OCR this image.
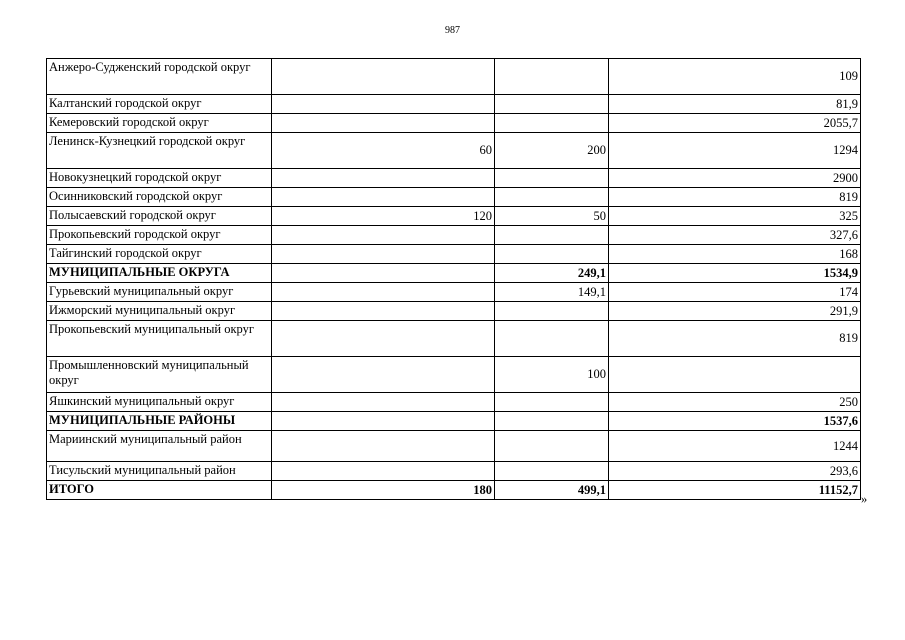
987
Анжеро-Судженский городской округ			109
Калтанский городской округ			81,9
Кемеровский городской округ			2055,7
Ленинск-Кузнецкий городской округ	60	200	1294
Новокузнецкий городской округ			2900
Осинниковский городской округ			819
Полысаевский городской округ	120	50	325
Прокопьевский городской округ			327,6
Тайгинский городской округ			168
МУНИЦИПАЛЬНЫЕ ОКРУГА		249,1	1534,9
Гурьевский муниципальный округ		149,1	174
Ижморский муниципальный округ			291,9
Прокопьевский муниципальный округ			819
Промышленновский муниципальный округ		100	
Яшкинский муниципальный округ			250
МУНИЦИПАЛЬНЫЕ РАЙОНЫ			1537,6
Мариинский муниципальный район			1244
Тисульский муниципальный район			293,6
ИТОГО	180	499,1	11152,7
»
